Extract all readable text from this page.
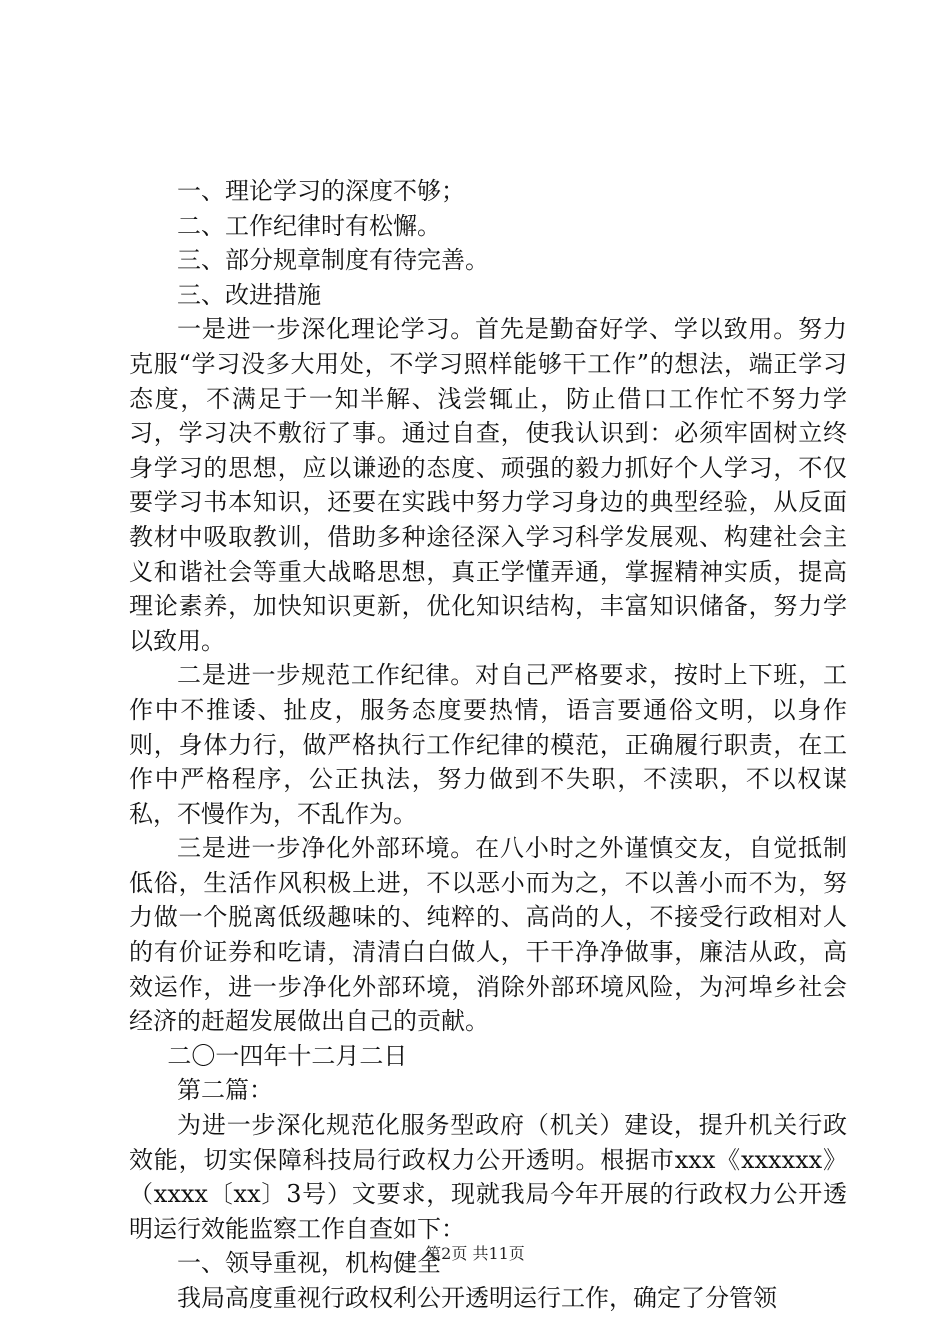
一、理论学习的深度不够；

二、工作纪律时有松懈。

三、部分规章制度有待完善。

三、改进措施

一是进一步深化理论学习。首先是勤奋好学、学以致用。努力克服“学习没多大用处，不学习照样能够干工作”的想法，端正学习态度，不满足于一知半解、浅尝辄止，防止借口工作忙不努力学习，学习决不敷衍了事。通过自查，使我认识到：必须牢固树立终身学习的思想，应以谦逊的态度、顽强的毅力抓好个人学习，不仅要学习书本知识，还要在实践中努力学习身边的典型经验，从反面教材中吸取教训，借助多种途径深入学习科学发展观、构建社会主义和谐社会等重大战略思想，真正学懂弄通，掌握精神实质，提高理论素养，加快知识更新，优化知识结构，丰富知识储备，努力学以致用。

二是进一步规范工作纪律。对自己严格要求，按时上下班，工作中不推诿、扯皮，服务态度要热情，语言要通俗文明，以身作则，身体力行，做严格执行工作纪律的模范，正确履行职责，在工作中严格程序，公正执法，努力做到不失职，不渎职，不以权谋私，不慢作为，不乱作为。

三是进一步净化外部环境。在八小时之外谨慎交友，自觉抵制低俗，生活作风积极上进，不以恶小而为之，不以善小而不为，努力做一个脱离低级趣味的、纯粹的、高尚的人，不接受行政相对人的有价证券和吃请，清清白白做人，干干净净做事，廉洁从政，高效运作，进一步净化外部环境，消除外部环境风险，为河埠乡社会经济的赶超发展做出自己的贡献。

二〇一四年十二月二日

第二篇：

为进一步深化规范化服务型政府（机关）建设，提升机关行政效能，切实保障科技局行政权力公开透明。根据市xxx《xxxxxx》（xxxx〔xx〕3号）文要求，现就我局今年开展的行政权力公开透明运行效能监察工作自查如下：

一、领导重视，机构健全

我局高度重视行政权利公开透明运行工作，确定了分管领

第2页 共11页
